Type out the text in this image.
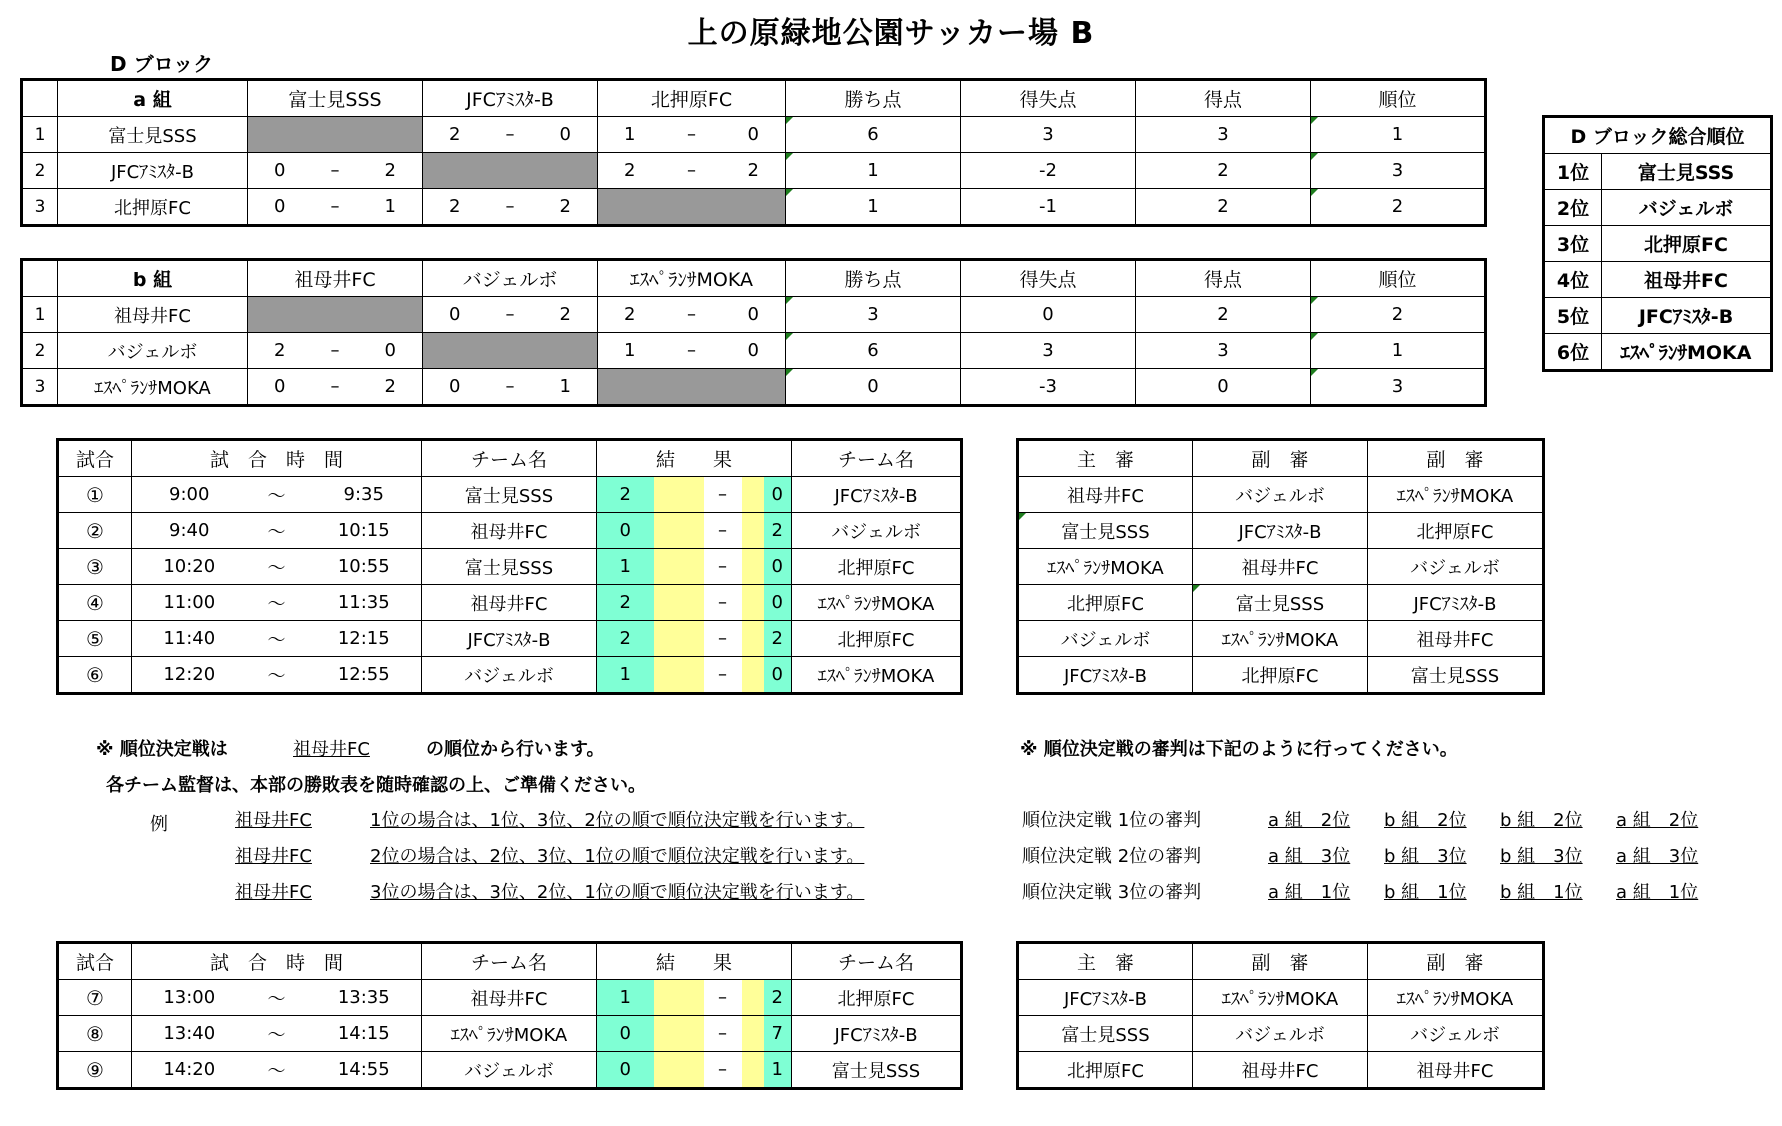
上の原緑地公園サッカー場 B
D ブロック
	a 組	富士見SSS	JFCｱﾐｽﾀ-B	北押原FC	勝ち点	得失点	得点	順位
1	富士見SSS		2 – 0	1 – 0	6	3	3	1
2	JFCｱﾐｽﾀ-B	0 – 2		2 – 2	1	-2	2	3
3	北押原FC	0 – 1	2 – 2		1	-1	2	2
	b 組	祖母井FC	バジェルボ	ｴｽﾍﾟﾗﾝｻMOKA	勝ち点	得失点	得点	順位
1	祖母井FC		0 – 2	2 – 0	3	0	2	2
2	バジェルボ	2 – 0		1 – 0	6	3	3	1
3	ｴｽﾍﾟﾗﾝｻMOKA	0 – 2	0 – 1		0	-3	0	3
D ブロック総合順位	
1位	富士見SSS
2位	バジェルボ
3位	北押原FC
4位	祖母井FC
5位	JFCｱﾐｽﾀ-B
6位	ｴｽﾍﾟﾗﾝｻMOKA
試合	試　合　時　間			チーム名	結　　果				チーム名
①	9:00	～	9:35	富士見SSS	2		–	0	JFCｱﾐｽﾀ-B
②	9:40	～	10:15	祖母井FC	0		–	2	バジェルボ
③	10:20	～	10:55	富士見SSS	1		–	0	北押原FC
④	11:00	～	11:35	祖母井FC	2		–	0	ｴｽﾍﾟﾗﾝｻMOKA
⑤	11:40	～	12:15	JFCｱﾐｽﾀ-B	2		–	2	北押原FC
⑥	12:20	～	12:55	バジェルボ	1		–	0	ｴｽﾍﾟﾗﾝｻMOKA
主　審	副　審	副　審
祖母井FC	バジェルボ	ｴｽﾍﾟﾗﾝｻMOKA
富士見SSS	JFCｱﾐｽﾀ-B	北押原FC
ｴｽﾍﾟﾗﾝｻMOKA	祖母井FC	バジェルボ
北押原FC	富士見SSS	JFCｱﾐｽﾀ-B
バジェルボ	ｴｽﾍﾟﾗﾝｻMOKA	祖母井FC
JFCｱﾐｽﾀ-B	北押原FC	富士見SSS
※ 順位決定戦は	祖母井FC	の順位から行います。
各チーム監督は、本部の勝敗表を随時確認の上、ご準備ください。
例	祖母井FC	1位の場合は、1位、3位、2位の順で順位決定戦を行います。
祖母井FC	2位の場合は、2位、3位、1位の順で順位決定戦を行います。
祖母井FC	3位の場合は、3位、2位、1位の順で順位決定戦を行います。
※ 順位決定戦の審判は下記のように行ってください。
順位決定戦 1位の審判	a 組　2位 b 組　2位 b 組　2位 a 組　2位
順位決定戦 2位の審判	a 組　3位 b 組　3位 b 組　3位 a 組　3位
順位決定戦 3位の審判	a 組　1位 b 組　1位 b 組　1位 a 組　1位
試合	試　合　時　間			チーム名	結　　果				チーム名
⑦	13:00	～	13:35	祖母井FC	1		–	2	北押原FC
⑧	13:40	～	14:15	ｴｽﾍﾟﾗﾝｻMOKA	0		–	7	JFCｱﾐｽﾀ-B
⑨	14:20	～	14:55	バジェルボ	0		–	1	富士見SSS
主　審	副　審	副　審
JFCｱﾐｽﾀ-B	ｴｽﾍﾟﾗﾝｻMOKA	ｴｽﾍﾟﾗﾝｻMOKA
富士見SSS	バジェルボ	バジェルボ
北押原FC	祖母井FC	祖母井FC
